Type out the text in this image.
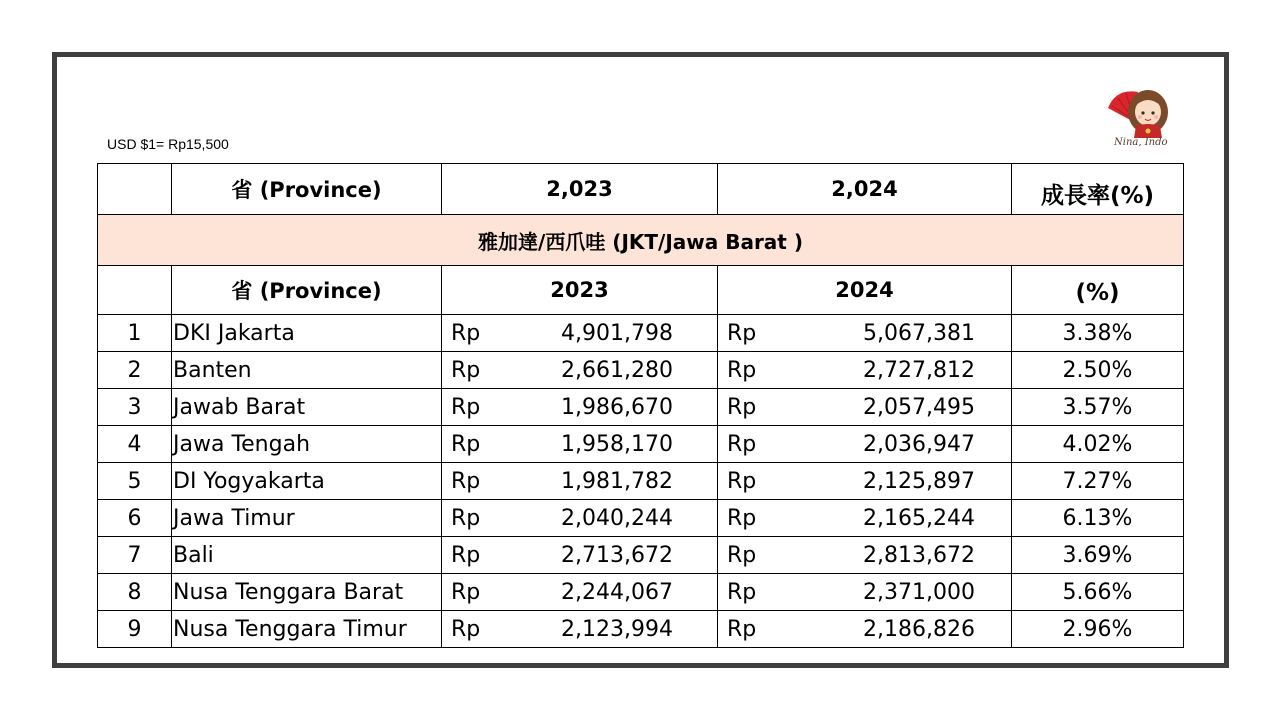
USD $1= Rp15,500	Nina, Indo
	省 (Province)	2,023	2,024	成長率(%)
雅加達/西爪哇 (JKT/Jawa Barat )				
	省 (Province)	2023	2024	(%)
1	DKI Jakarta	Rp 4,901,798	Rp 5,067,381	3.38%
2	Banten	Rp 2,661,280	Rp 2,727,812	2.50%
3	Jawab Barat	Rp 1,986,670	Rp 2,057,495	3.57%
4	Jawa Tengah	Rp 1,958,170	Rp 2,036,947	4.02%
5	DI Yogyakarta	Rp 1,981,782	Rp 2,125,897	7.27%
6	Jawa Timur	Rp 2,040,244	Rp 2,165,244	6.13%
7	Bali	Rp 2,713,672	Rp 2,813,672	3.69%
8	Nusa Tenggara Barat	Rp 2,244,067	Rp 2,371,000	5.66%
9	Nusa Tenggara Timur	Rp 2,123,994	Rp 2,186,826	2.96%
